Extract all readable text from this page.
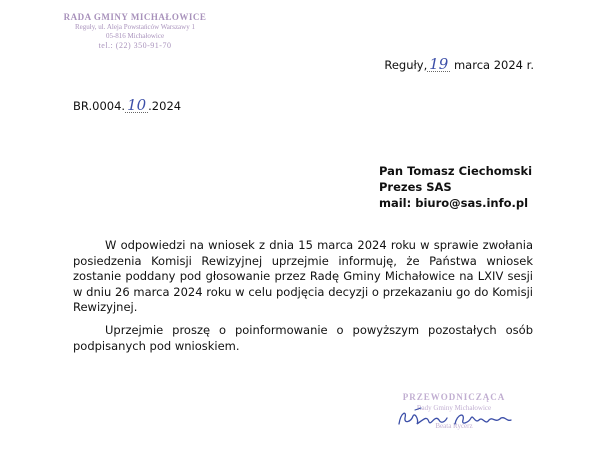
RADA GMINY MICHAŁOWICE
Reguły, ul. Aleja Powstańców Warszawy 1
05-816 Michałowice
tel.: (22) 350-91-70
Reguły, 19 marca 2024 r.
BR.0004. 10 .2024
Pan Tomasz Ciechomski
Prezes SAS
mail: biuro@sas.info.pl

W odpowiedzi na wniosek z dnia 15 marca 2024 roku w sprawie zwołania posiedzenia Komisji Rewizyjnej uprzejmie informuję, że Państwa wniosek zostanie poddany pod głosowanie przez Radę Gminy Michałowice na LXIV sesji w dniu 26 marca 2024 roku w celu podjęcia decyzji o przekazaniu go do Komisji Rewizyjnej.

Uprzejmie proszę o poinformowanie o powyższym pozostałych osób podpisanych pod wnioskiem.

PRZEWODNICZĄCA
Rady Gminy Michałowice
Beata Rycerz
